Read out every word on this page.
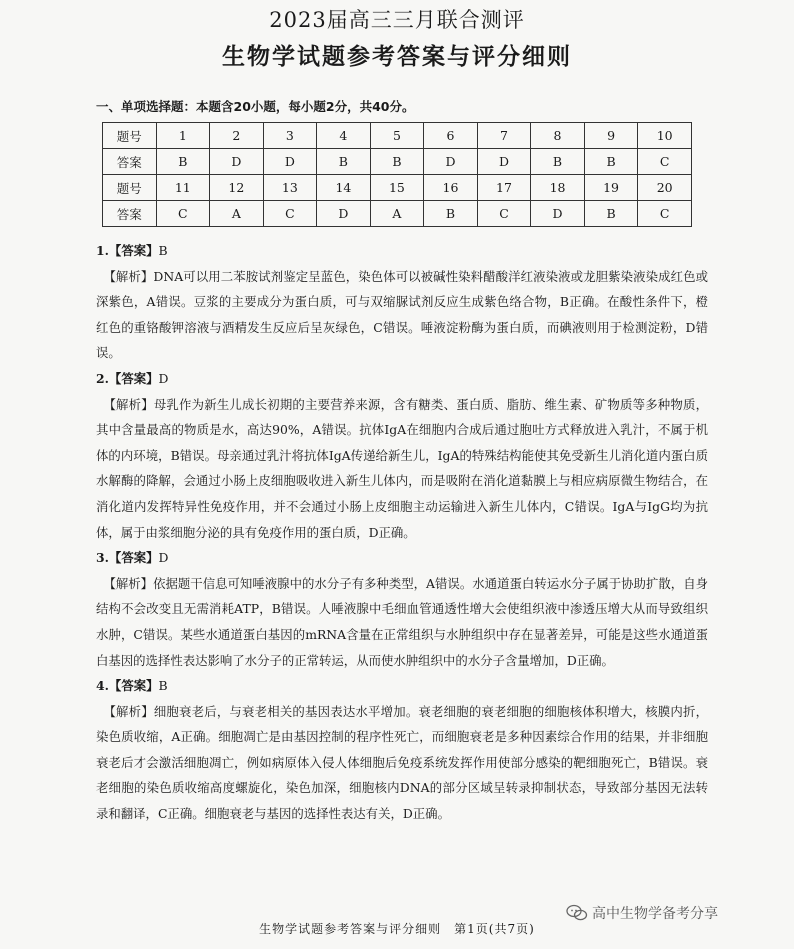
2023届高三三月联合测评
生物学试题参考答案与评分细则
一、单项选择题：本题含20小题，每小题2分，共40分。
题号	1	2	3	4	5	6	7	8	9	10
答案	B	D	D	B	B	D	D	B	B	C
题号	11	12	13	14	15	16	17	18	19	20
答案	C	A	C	D	A	B	C	D	B	C
1.【答案】B
【解析】DNA可以用二苯胺试剂鉴定呈蓝色，染色体可以被碱性染料醋酸洋红液染液或龙胆紫染液染成红色或深紫色，A错误。豆浆的主要成分为蛋白质，可与双缩脲试剂反应生成紫色络合物，B正确。在酸性条件下，橙红色的重铬酸钾溶液与酒精发生反应后呈灰绿色，C错误。唾液淀粉酶为蛋白质，而碘液则用于检测淀粉，D错误。
2.【答案】D
【解析】母乳作为新生儿成长初期的主要营养来源，含有糖类、蛋白质、脂肪、维生素、矿物质等多种物质，其中含量最高的物质是水，高达90%，A错误。抗体IgA在细胞内合成后通过胞吐方式释放进入乳汁，不属于机体的内环境，B错误。母亲通过乳汁将抗体IgA传递给新生儿，IgA的特殊结构能使其免受新生儿消化道内蛋白质水解酶的降解，会通过小肠上皮细胞吸收进入新生儿体内，而是吸附在消化道黏膜上与相应病原微生物结合，在消化道内发挥特异性免疫作用，并不会通过小肠上皮细胞主动运输进入新生儿体内，C错误。IgA与IgG均为抗体，属于由浆细胞分泌的具有免疫作用的蛋白质，D正确。
3.【答案】D
【解析】依据题干信息可知唾液腺中的水分子有多种类型，A错误。水通道蛋白转运水分子属于协助扩散，自身结构不会改变且无需消耗ATP，B错误。人唾液腺中毛细血管通透性增大会使组织液中渗透压增大从而导致组织水肿，C错误。某些水通道蛋白基因的mRNA含量在正常组织与水肿组织中存在显著差异，可能是这些水通道蛋白基因的选择性表达影响了水分子的正常转运，从而使水肿组织中的水分子含量增加，D正确。
4.【答案】B
【解析】细胞衰老后，与衰老相关的基因表达水平增加。衰老细胞的衰老细胞的细胞核体积增大，核膜内折，染色质收缩，A正确。细胞凋亡是由基因控制的程序性死亡，而细胞衰老是多种因素综合作用的结果，并非细胞衰老后才会激活细胞凋亡，例如病原体入侵人体细胞后免疫系统发挥作用使部分感染的靶细胞死亡，B错误。衰老细胞的染色质收缩高度螺旋化，染色加深，细胞核内DNA的部分区域呈转录抑制状态，导致部分基因无法转录和翻译，C正确。细胞衰老与基因的选择性表达有关，D正确。
高中生物学备考分享
生物学试题参考答案与评分细则　第1页(共7页)
